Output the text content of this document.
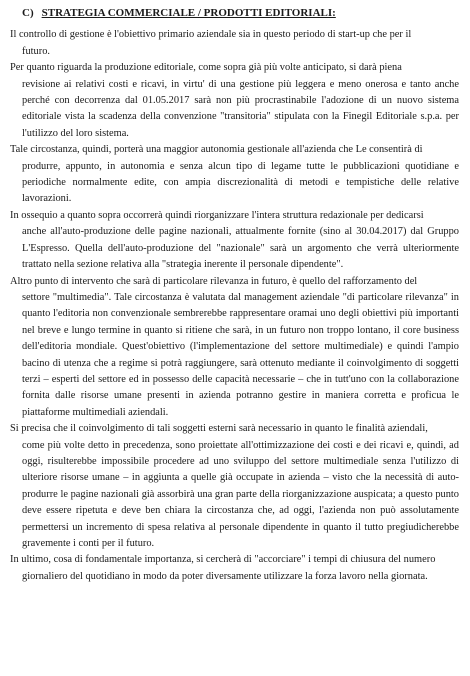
C) STRATEGIA COMMERCIALE / PRODOTTI EDITORIALI:

Il controllo di gestione è l'obiettivo primario aziendale sia in questo periodo di start-up che per il
futuro.

Per quanto riguarda la produzione editoriale, come sopra già più volte anticipato, si darà piena
revisione ai relativi costi e ricavi, in virtu' di una gestione più leggera e meno onerosa e tanto anche perché con decorrenza dal 01.05.2017 sarà non più procrastinabile l'adozione di un nuovo sistema editoriale vista la scadenza della convenzione "transitoria" stipulata con la Finegil Editoriale s.p.a. per l'utilizzo del loro sistema.

Tale circostanza, quindi, porterà una maggior autonomia gestionale all'azienda che Le consentirà di
produrre, appunto, in autonomia e senza alcun tipo di legame tutte le pubblicazioni quotidiane e periodiche normalmente edite, con ampia discrezionalità di metodi e tempistiche delle relative lavorazioni.

In ossequio a quanto sopra occorrerà quindi riorganizzare l'intera struttura redazionale per dedicarsi
anche all'auto-produzione delle pagine nazionali, attualmente fornite (sino al 30.04.2017) dal Gruppo L'Espresso. Quella dell'auto-produzione del "nazionale" sarà un argomento che verrà ulteriormente trattato nella sezione relativa alla "strategia inerente il personale dipendente".

Altro punto di intervento che sarà di particolare rilevanza in futuro, è quello del rafforzamento del
settore "multimedia". Tale circostanza è valutata dal management aziendale "di particolare rilevanza" in quanto l'editoria non convenzionale sembrerebbe rappresentare oramai uno degli obiettivi più importanti nel breve e lungo termine in quanto si ritiene che sarà, in un futuro non troppo lontano, il core business dell'editoria mondiale. Quest'obiettivo (l'implementazione del settore multimediale) e quindi l'ampio bacino di utenza che a regime si potrà raggiungere, sarà ottenuto mediante il coinvolgimento di soggetti terzi – esperti del settore ed in possesso delle capacità necessarie – che in tutt'uno con la collaborazione fornita dalle risorse umane presenti in azienda potranno gestire in maniera corretta e proficua le piattaforme multimediali aziendali.

Si precisa che il coinvolgimento di tali soggetti esterni sarà necessario in quanto le finalità aziendali,
come più volte detto in precedenza, sono proiettate all'ottimizzazione dei costi e dei ricavi e, quindi, ad oggi, risulterebbe impossibile procedere ad uno sviluppo del settore multimediale senza l'utilizzo di ulteriore risorse umane – in aggiunta a quelle già occupate in azienda – visto che la necessità di auto-produrre le pagine nazionali già assorbirà una gran parte della riorganizzazione auspicata; a questo punto deve essere ripetuta e deve ben chiara la circostanza che, ad oggi, l'azienda non può assolutamente permettersi un incremento di spesa relativa al personale dipendente in quanto il tutto pregiudicherebbe gravemente i conti per il futuro.

In ultimo, cosa di fondamentale importanza, si cercherà di "accorciare" i tempi di chiusura del numero
giornaliero del quotidiano in modo da poter diversamente utilizzare la forza lavoro nella giornata.
